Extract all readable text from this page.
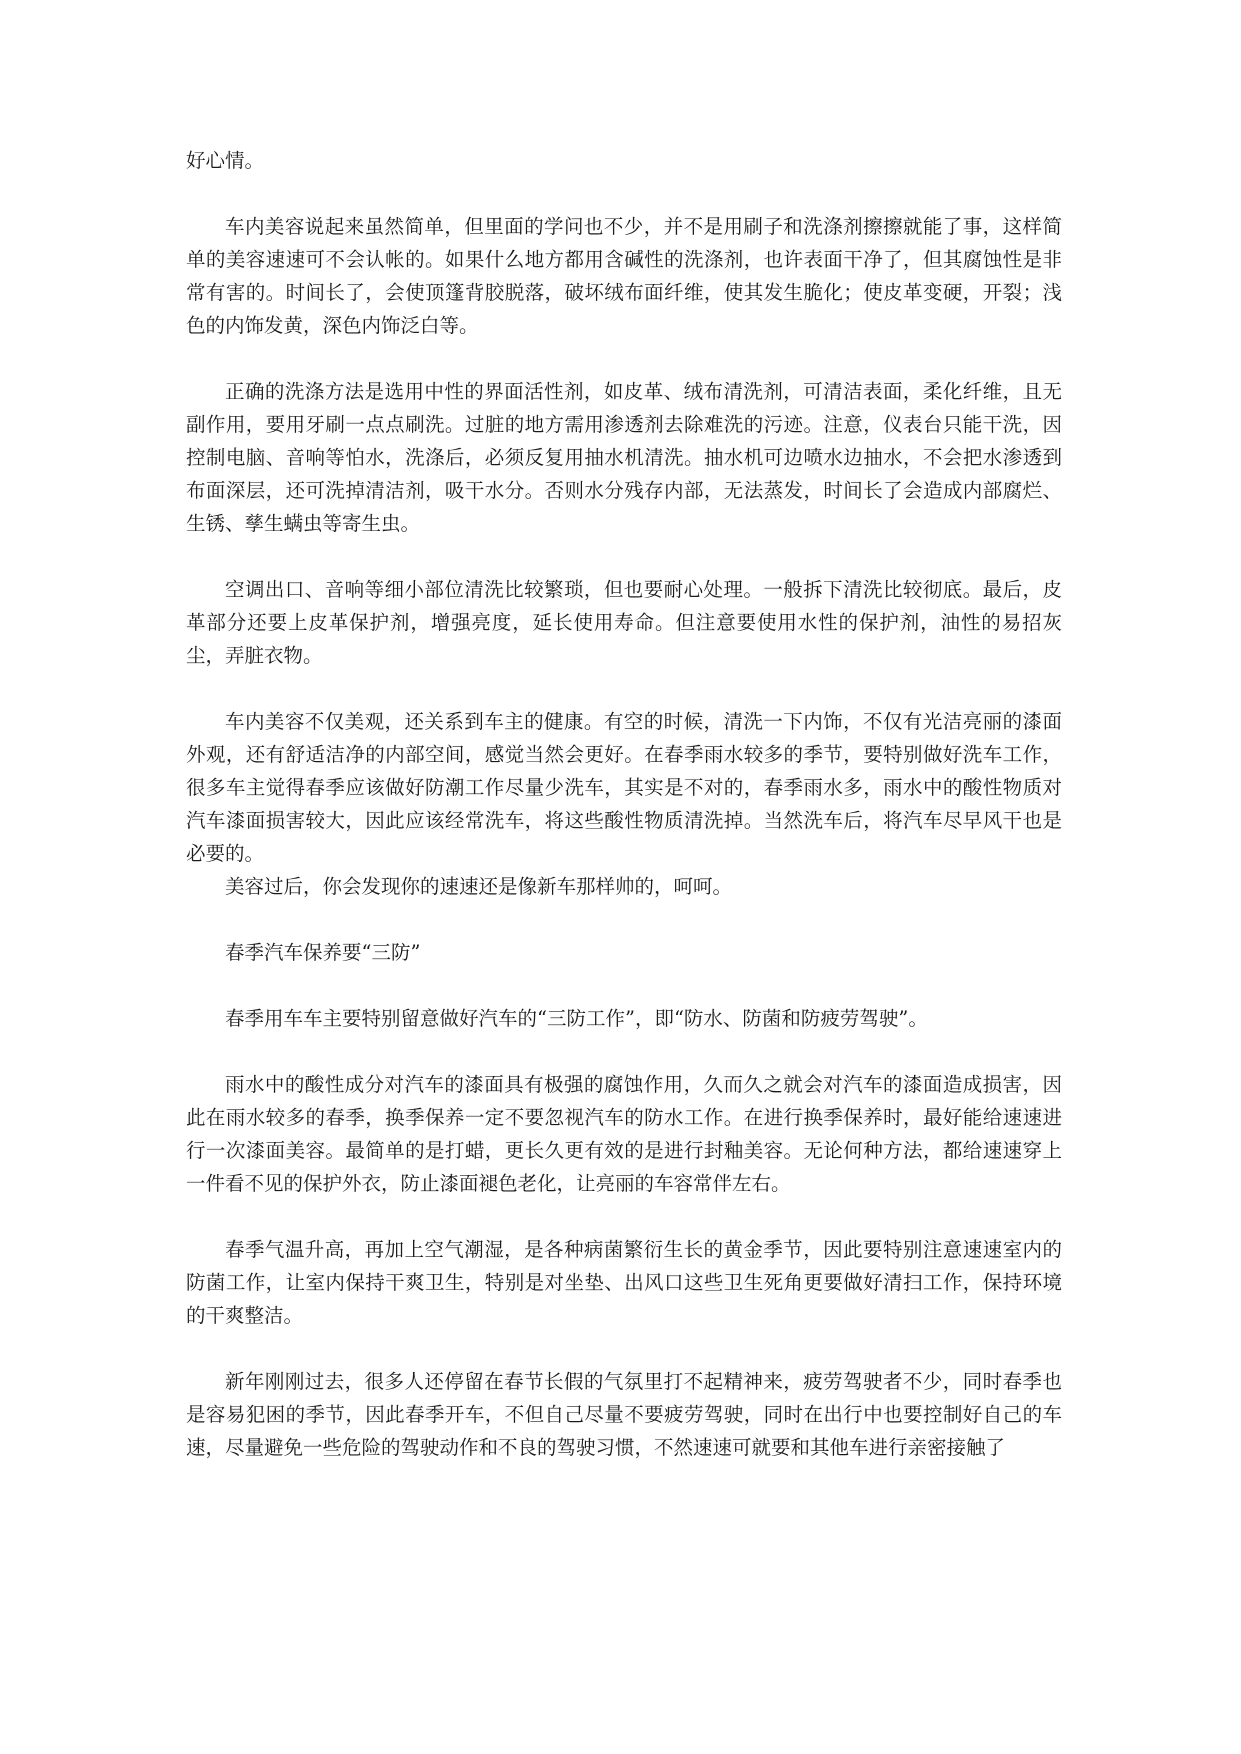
好心情。

车内美容说起来虽然简单，但里面的学问也不少，并不是用刷子和洗涤剂擦擦就能了事，这样简单的美容速速可不会认帐的。如果什么地方都用含碱性的洗涤剂，也许表面干净了，但其腐蚀性是非常有害的。时间长了，会使顶篷背胶脱落，破坏绒布面纤维，使其发生脆化；使皮革变硬，开裂；浅色的内饰发黄，深色内饰泛白等。

正确的洗涤方法是选用中性的界面活性剂，如皮革、绒布清洗剂，可清洁表面，柔化纤维，且无副作用，要用牙刷一点点刷洗。过脏的地方需用渗透剂去除难洗的污迹。注意，仪表台只能干洗，因控制电脑、音响等怕水，洗涤后，必须反复用抽水机清洗。抽水机可边喷水边抽水，不会把水渗透到布面深层，还可洗掉清洁剂，吸干水分。否则水分残存内部，无法蒸发，时间长了会造成内部腐烂、生锈、孳生螨虫等寄生虫。

空调出口、音响等细小部位清洗比较繁琐，但也要耐心处理。一般拆下清洗比较彻底。最后，皮革部分还要上皮革保护剂，增强亮度，延长使用寿命。但注意要使用水性的保护剂，油性的易招灰尘，弄脏衣物。

车内美容不仅美观，还关系到车主的健康。有空的时候，清洗一下内饰，不仅有光洁亮丽的漆面外观，还有舒适洁净的内部空间，感觉当然会更好。在春季雨水较多的季节，要特别做好洗车工作，很多车主觉得春季应该做好防潮工作尽量少洗车，其实是不对的，春季雨水多，雨水中的酸性物质对汽车漆面损害较大，因此应该经常洗车，将这些酸性物质清洗掉。当然洗车后，将汽车尽早风干也是必要的。

美容过后，你会发现你的速速还是像新车那样帅的，呵呵。

春季汽车保养要“三防”

春季用车车主要特别留意做好汽车的“三防工作”，即“防水、防菌和防疲劳驾驶”。

雨水中的酸性成分对汽车的漆面具有极强的腐蚀作用，久而久之就会对汽车的漆面造成损害，因此在雨水较多的春季，换季保养一定不要忽视汽车的防水工作。在进行换季保养时，最好能给速速进行一次漆面美容。最简单的是打蜡，更长久更有效的是进行封釉美容。无论何种方法，都给速速穿上一件看不见的保护外衣，防止漆面褪色老化，让亮丽的车容常伴左右。

春季气温升高，再加上空气潮湿，是各种病菌繁衍生长的黄金季节，因此要特别注意速速室内的防菌工作，让室内保持干爽卫生，特别是对坐垫、出风口这些卫生死角更要做好清扫工作，保持环境的干爽整洁。

新年刚刚过去，很多人还停留在春节长假的气氛里打不起精神来，疲劳驾驶者不少，同时春季也是容易犯困的季节，因此春季开车，不但自己尽量不要疲劳驾驶，同时在出行中也要控制好自己的车速，尽量避免一些危险的驾驶动作和不良的驾驶习惯，不然速速可就要和其他车进行亲密接触了
